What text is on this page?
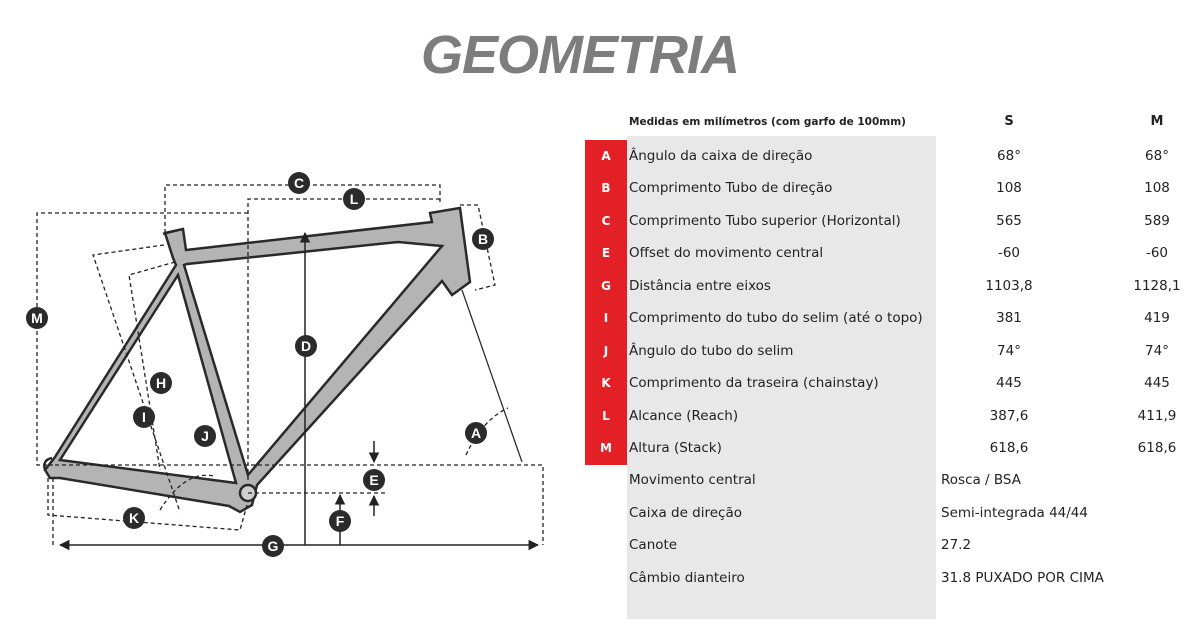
GEOMETRIA
C
L
B
M
D
H
I
J	A
E
F
K
G
Medidas em milímetros (com garfo de 100mm)	S	M
A	Ângulo da caixa de direção	68°	68°
B	Comprimento Tubo de direção	108	108
C	Comprimento Tubo superior (Horizontal)	565	589
E	Offset do movimento central	-60	-60
G	Distância entre eixos	1103,8	1128,1
I	Comprimento do tubo do selim (até o topo)	381	419
J	Ângulo do tubo do selim	74°	74°
K	Comprimento da traseira (chainstay)	445	445
L	Alcance (Reach)	387,6	411,9
M	Altura (Stack)	618,6	618,6
Movimento central	Rosca / BSA
Caixa de direção	Semi-integrada 44/44
Canote	27.2
Câmbio dianteiro	31.8 PUXADO POR CIMA
